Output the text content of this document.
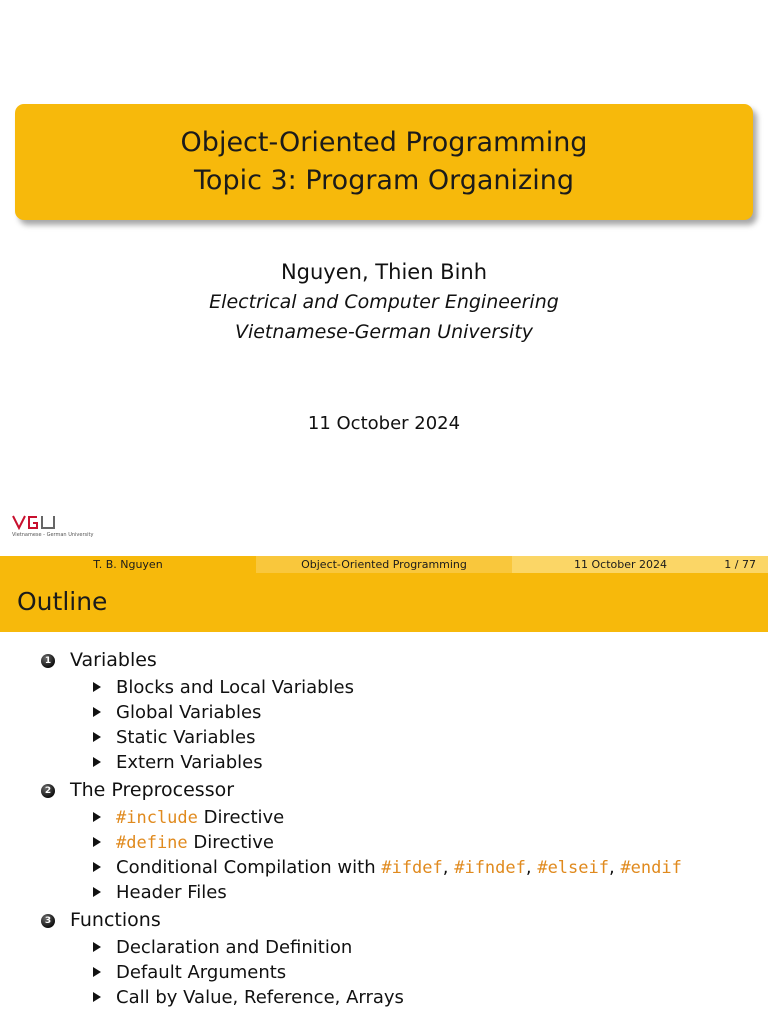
Object-Oriented Programming
Topic 3: Program Organizing
Nguyen, Thien Binh
Electrical and Computer Engineering
Vietnamese-German University
11 October 2024
Vietnamese - German University
T. B. Nguyen	Object-Oriented Programming	11 October 2024	1 / 77
Outline
1 Variables
Blocks and Local Variables
Global Variables
Static Variables
Extern Variables
2 The Preprocessor
#include Directive
#define Directive
Conditional Compilation with #ifdef, #ifndef, #elseif, #endif
Header Files
3 Functions
Declaration and Definition
Default Arguments
Call by Value, Reference, Arrays
